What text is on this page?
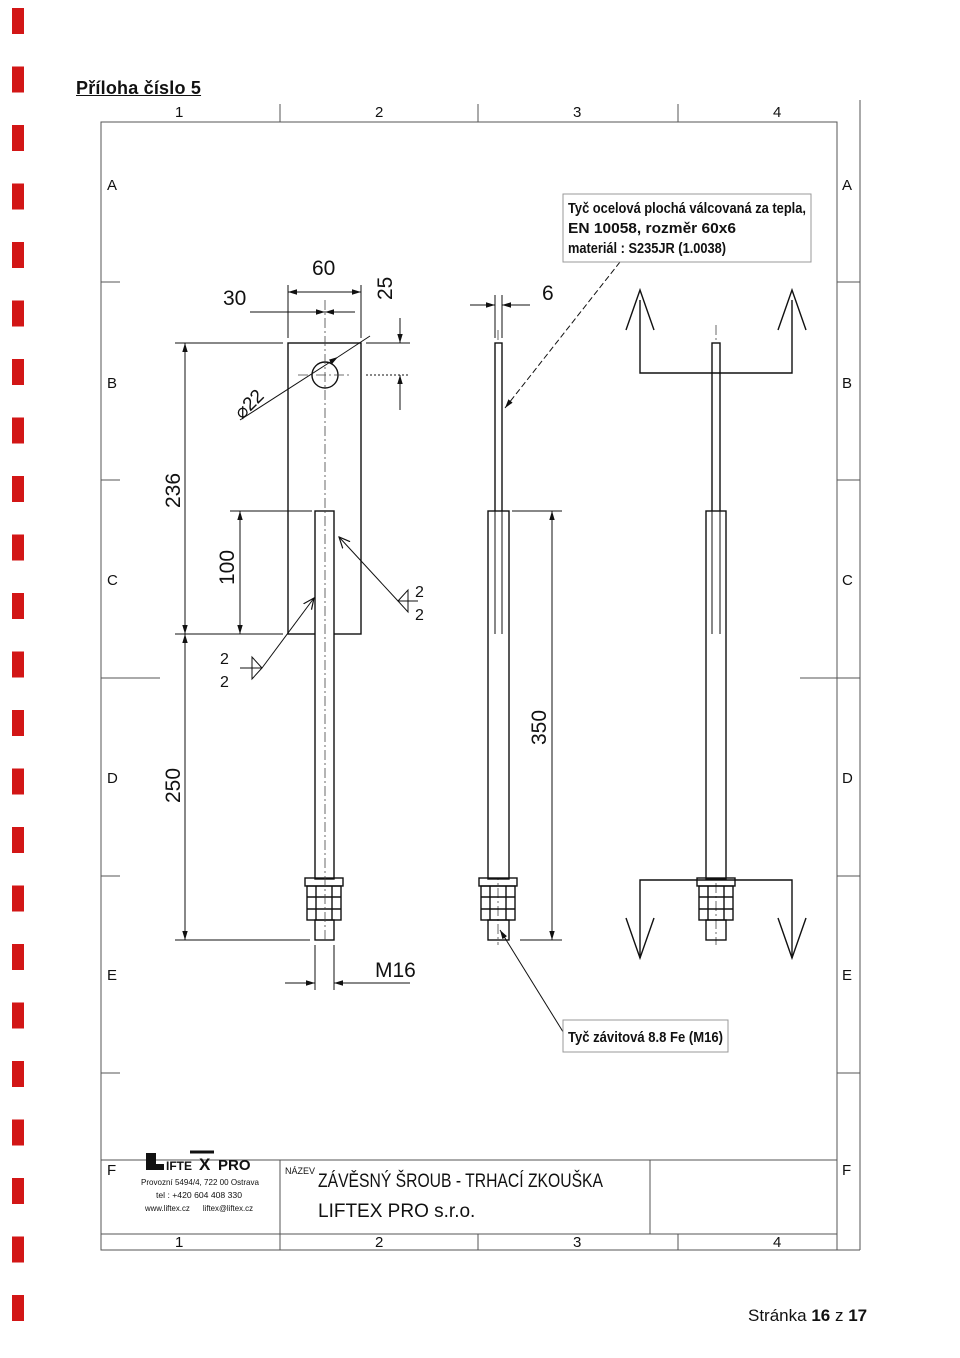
Příloha číslo 5
1	2	3	4
1	2	3	4
A
B
C
D
E
F
A
B
C
D
E
F
60
30	25
⌀22
236
100
250
M16
2
2
2
2
6
350
Tyč ocelová plochá válcovaná za tepla,
EN 10058, rozměr 60x6
materiál : S235JR (1.0038)
Tyč závitová 8.8 Fe (M16)
IFTE X PRO
Provozní 5494/4, 722 00 Ostrava
tel : +420 604 408 330
www.liftex.cz      liftex@liftex.cz
NÁZEV ZÁVĚSNÝ ŠROUB - TRHACÍ ZKOUŠKA
LIFTEX PRO s.r.o.
Stránka 16 z 17
